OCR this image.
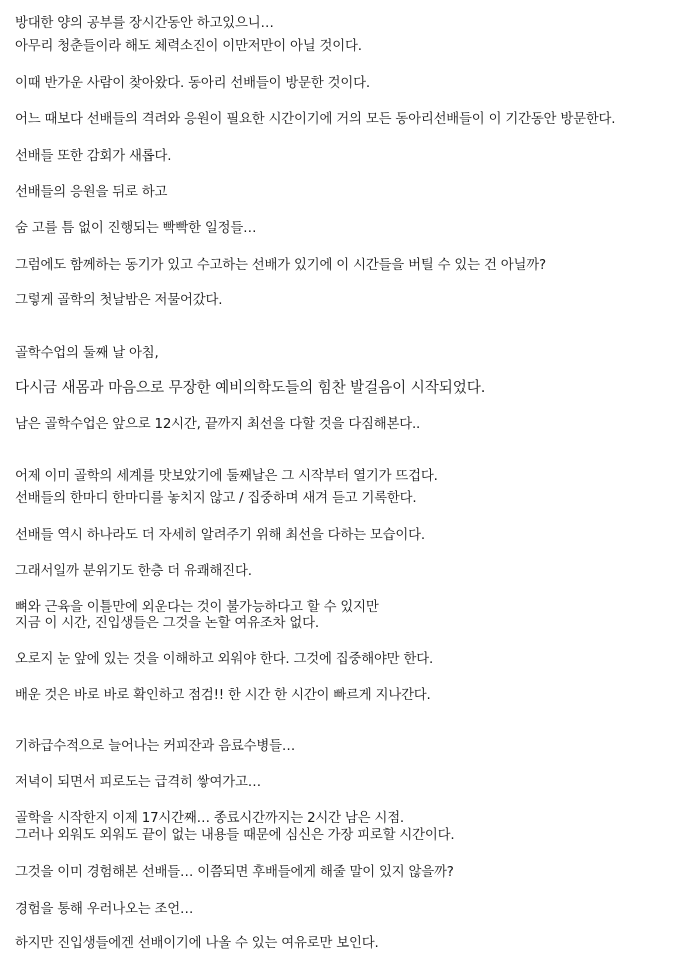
방대한 양의 공부를 장시간동안 하고있으니…

아무리 청춘들이라 해도 체력소진이 이만저만이 아닐 것이다.

이때 반가운 사람이 찾아왔다. 동아리 선배들이 방문한 것이다.

어느 때보다 선배들의 격려와 응원이 필요한 시간이기에 거의 모든 동아리선배들이 이 기간동안 방문한다.

선배들 또한 감회가 새롭다.

선배들의 응원을 뒤로 하고

숨 고를 틈 없이 진행되는 빡빡한 일정들…

그럼에도 함께하는 동기가 있고 수고하는 선배가 있기에 이 시간들을 버틸 수 있는 건 아닐까?

그렇게 골학의 첫날밤은 저물어갔다.

골학수업의 둘째 날 아침,

다시금 새몸과 마음으로 무장한 예비의학도들의 힘찬 발걸음이 시작되었다.

남은 골학수업은 앞으로 12시간, 끝까지 최선을 다할 것을 다짐해본다..

어제 이미 골학의 세계를 맛보았기에 둘째날은 그 시작부터 열기가 뜨겁다.

선배들의 한마디 한마디를 놓치지 않고 / 집중하며 새겨 듣고 기록한다.

선배들 역시 하나라도 더 자세히 알려주기 위해 최선을 다하는 모습이다.

그래서일까 분위기도 한층 더 유쾌해진다.

뼈와 근육을 이틀만에 외운다는 것이 불가능하다고 할 수 있지만

지금 이 시간, 진입생들은 그것을 논할 여유조차 없다.

오로지 눈 앞에 있는 것을 이해하고 외워야 한다. 그것에 집중해야만 한다.

배운 것은 바로 바로 확인하고 점검!! 한 시간 한 시간이 빠르게 지나간다.

기하급수적으로 늘어나는 커피잔과 음료수병들…

저녁이 되면서 피로도는 급격히 쌓여가고…

골학을 시작한지 이제 17시간째… 종료시간까지는 2시간 남은 시점.

그러나 외워도 외워도 끝이 없는 내용들 때문에 심신은 가장 피로할 시간이다.

그것을 이미 경험해본 선배들… 이쯤되면 후배들에게 해줄 말이 있지 않을까?

경험을 통해 우러나오는 조언…

하지만 진입생들에겐 선배이기에 나올 수 있는 여유로만 보인다.
